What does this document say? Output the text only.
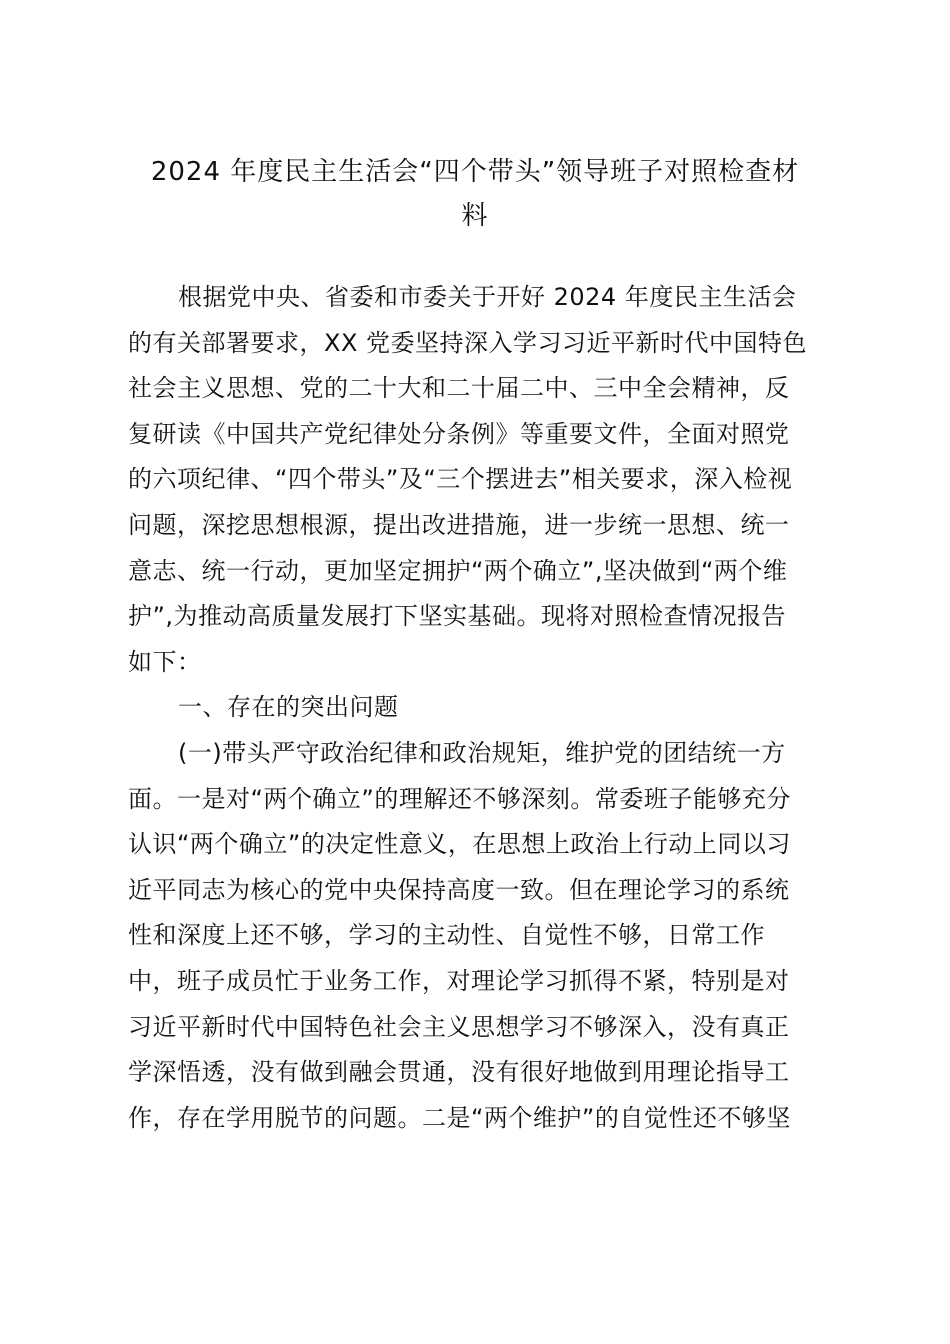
2024 年度民主生活会“四个带头”领导班子对照检查材
料
根据党中央、省委和市委关于开好 2024 年度民主生活会
的有关部署要求，XX 党委坚持深入学习习近平新时代中国特色
社会主义思想、党的二十大和二十届二中、三中全会精神，反
复研读《中国共产党纪律处分条例》等重要文件，全面对照党
的六项纪律、“四个带头”及“三个摆进去”相关要求，深入检视
问题，深挖思想根源，提出改进措施，进一步统一思想、统一
意志、统一行动，更加坚定拥护“两个确立”,坚决做到“两个维
护”,为推动高质量发展打下坚实基础。现将对照检查情况报告
如下：
一、存在的突出问题
(一)带头严守政治纪律和政治规矩，维护党的团结统一方
面。一是对“两个确立”的理解还不够深刻。常委班子能够充分
认识“两个确立”的决定性意义，在思想上政治上行动上同以习
近平同志为核心的党中央保持高度一致。但在理论学习的系统
性和深度上还不够，学习的主动性、自觉性不够，日常工作
中，班子成员忙于业务工作，对理论学习抓得不紧，特别是对
习近平新时代中国特色社会主义思想学习不够深入，没有真正
学深悟透，没有做到融会贯通，没有很好地做到用理论指导工
作，存在学用脱节的问题。二是“两个维护”的自觉性还不够坚
